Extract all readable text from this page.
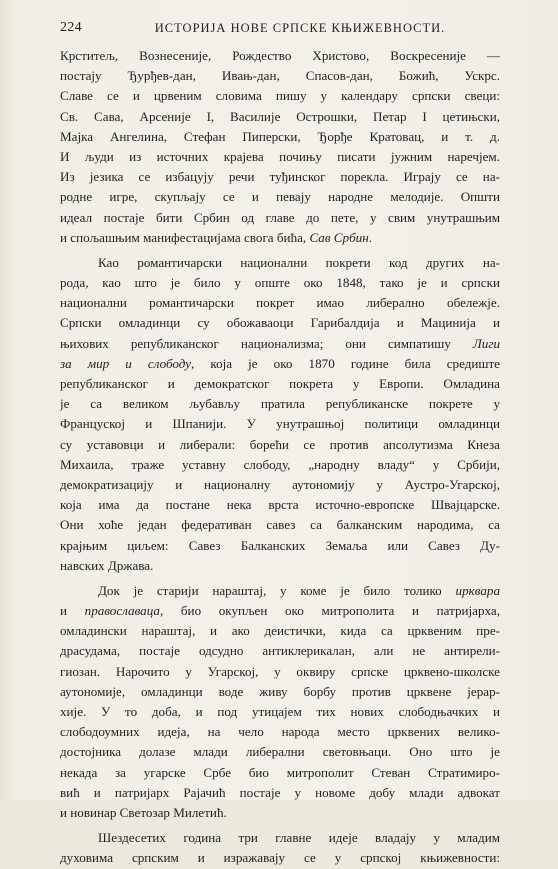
224	ИСТОРИЈА НОВЕ СРПСКЕ КЊИЖЕВНОСТИ.
Крститељ, Вознесеније, Рождество Христово, Воскресеније —
постају Ђурђев-дан, Ивањ-дан, Спасов-дан, Божић, Ускрс.
Славе се и црвеним словима пишу у календару српски свеци:
Св. Сава, Арсеније I, Василије Острошки, Петар I цетињски,
Мајка Ангелина, Стефан Пиперски, Ђорђе Кратовац, и т. д.
И људи из источних крајева почињу писати јужним наречјем.
Из језика се избацују речи туђинског порекла. Играју се на-
родне игре, скупљају се и певају народне мелодије. Општи
идеал постаје бити Србин од главе до пете, у свим унутрашњим
и спољашњим манифестацијама свога бића, Сав Србин.
Као романтичарски национални покрети код других на-
рода, као што је било у опште око 1848, тако је и српски
национални романтичарски покрет имао либерално обележје.
Српски омладинци су обожаваоци Гарибалдија и Мацинија и
њихових републиканског национализма; они симпатишу Лиги
за мир и слободу, која је око 1870 године била средиште
републиканског и демократског покрета у Европи. Омладина
је са великом љубављу пратила републиканске покрете у
Француској и Шпанији. У унутрашњој политици омладинци
су уставовци и либерали: борећи се против апсолутизма Кнеза
Михаила, траже уставну слободу, „народну владу“ у Србији,
демократизацију и националну аутономију у Аустро-Угарској,
која има да постане нека врста источно-европске Швајцарске.
Они хоће један федеративан савез са балканским народима, са
крајњим циљем: Савез Балканских Земаља или Савез Ду-
навских Држава.
Док је старији нараштај, у коме је било толико ирквара
и православаца, био окупљен око митрополита и патријарха,
омладински нараштај, и ако деистички, кида са црквеним пре-
драсудама, постаје одсудно антиклерикалан, али не антирели-
гиозан. Нарочито у Угарској, у оквиру српске црквено-школске
аутономије, омладинци воде живу борбу против црквене јерар-
хије. У то доба, и под утицајем тих нових слободњачких и
слободоумних идеја, на чело народа место црквених велико-
достојника долазе млади либерални световњаци. Оно што је
некада за угарске Србе био митрополит Стеван Стратимиро-
вић и патријарх Рајачић постаје у новоме добу млади адвокат
и новинар Светозар Милетић.
Шездесетих година три главне идеје владају у младим
духовима српским и изражавају се у српској књижевности:
